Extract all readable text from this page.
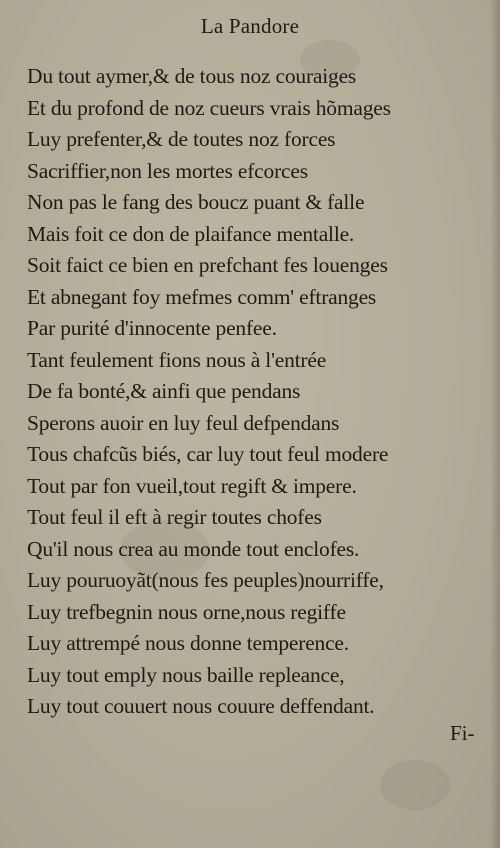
La Pandore
Du tout aymer,& de tous noz couraiges
Et du profond de noz cueurs vrais hõmages
Luy prefenter,& de toutes noz forces
Sacriffier,non les mortes efcorces
Non pas le fang des boucz puant & falle
Mais foit ce don de plaifance mentalle.
Soit faict ce bien en prefchant fes louenges
Et abnegant foy mefmes comm' eftranges
Par purité d'innocente penfee.
Tant feulement fions nous à l'entrée
De fa bonté,& ainfi que pendans
Sperons auoir en luy feul defpendans
Tous chafcũs biés, car luy tout feul modere
Tout par fon vueil,tout regift & impere.
Tout feul il eft à regir toutes chofes
Qu'il nous crea au monde tout enclofes.
Luy pouruoyãt(nous fes peuples)nourriffe,
Luy trefbegnin nous orne,nous regiffe
Luy attrempé nous donne temperence.
Luy tout emply nous baille repleance,
Luy tout couuert nous couure deffendant.
Fi-
